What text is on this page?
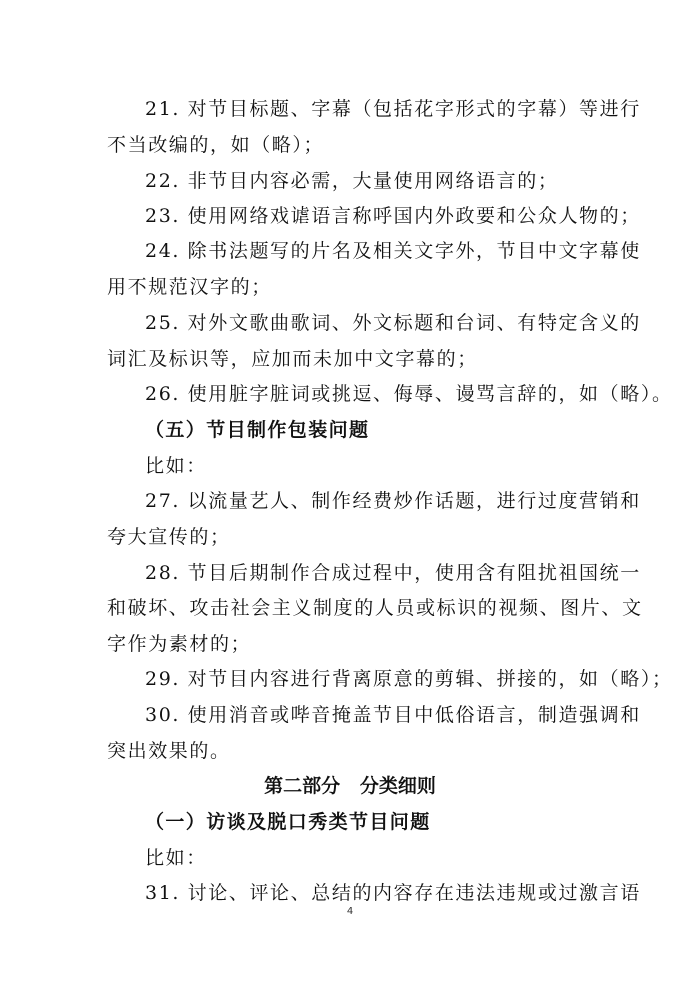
21. 对节目标题、字幕（包括花字形式的字幕）等进行
不当改编的，如（略）；
22. 非节目内容必需，大量使用网络语言的；
23. 使用网络戏谑语言称呼国内外政要和公众人物的；
24. 除书法题写的片名及相关文字外，节目中文字幕使
用不规范汉字的；
25. 对外文歌曲歌词、外文标题和台词、有特定含义的
词汇及标识等，应加而未加中文字幕的；
26. 使用脏字脏词或挑逗、侮辱、谩骂言辞的，如（略）。
（五）节目制作包装问题
比如：
27. 以流量艺人、制作经费炒作话题，进行过度营销和
夸大宣传的；
28. 节目后期制作合成过程中，使用含有阻扰祖国统一
和破坏、攻击社会主义制度的人员或标识的视频、图片、文
字作为素材的；
29. 对节目内容进行背离原意的剪辑、拼接的，如（略）；
30. 使用消音或哔音掩盖节目中低俗语言，制造强调和
突出效果的。
第二部分   分类细则
（一）访谈及脱口秀类节目问题
比如：
31. 讨论、评论、总结的内容存在违法违规或过激言语
4
